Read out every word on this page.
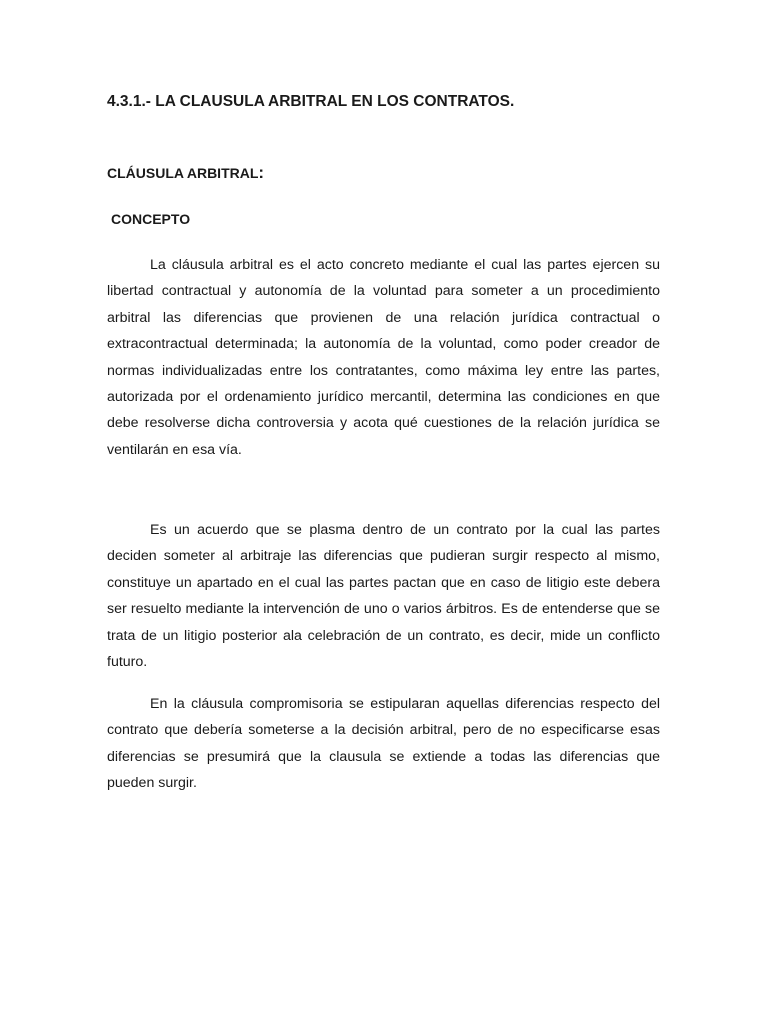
4.3.1.- LA CLAUSULA ARBITRAL EN LOS CONTRATOS.
CLÁUSULA ARBITRAL:
CONCEPTO

La cláusula arbitral es el acto concreto mediante el cual las partes ejercen su libertad contractual y autonomía de la voluntad para someter a un procedimiento arbitral las diferencias que provienen de una relación jurídica contractual o extracontractual determinada; la autonomía de la voluntad, como poder creador de normas individualizadas entre los contratantes, como máxima ley entre las partes, autorizada por el ordenamiento jurídico mercantil, determina las condiciones en que debe resolverse dicha controversia y acota qué cuestiones de la relación jurídica se ventilarán en esa vía.

Es un acuerdo que se plasma dentro de un contrato por la cual las partes deciden someter al arbitraje las diferencias que pudieran surgir respecto al mismo, constituye un apartado en el cual las partes pactan que en caso de litigio este debera ser resuelto mediante la intervención de uno o varios árbitros. Es de entenderse que se trata de un litigio posterior ala celebración de un contrato, es decir, mide un conflicto futuro.

En la cláusula compromisoria se estipularan aquellas diferencias respecto del contrato que debería someterse a la decisión arbitral, pero de no especificarse esas diferencias se presumirá que la clausula se extiende a todas las diferencias que pueden surgir.
